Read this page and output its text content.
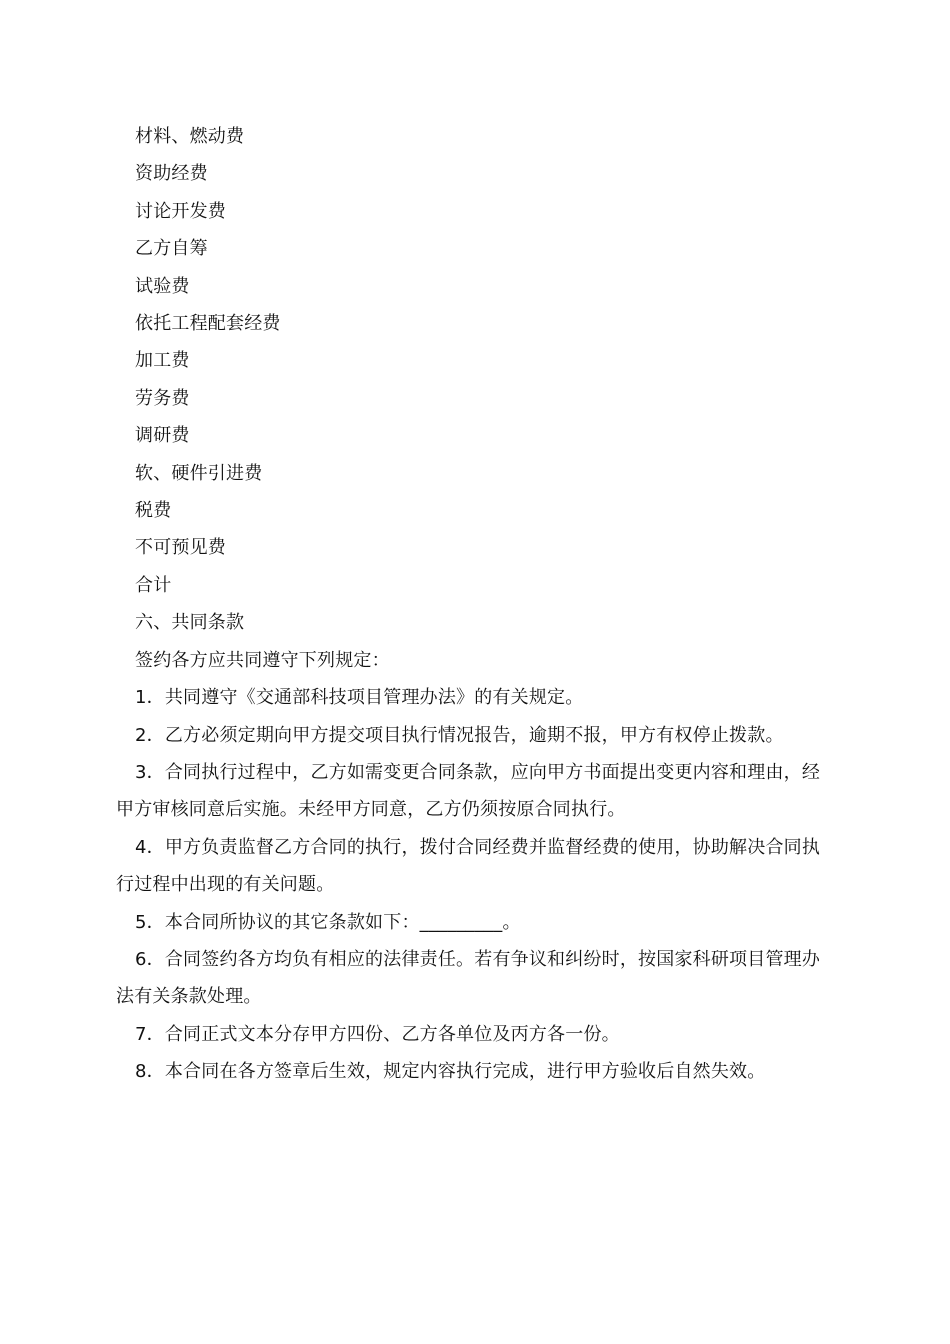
材料、燃动费
资助经费
讨论开发费
乙方自筹
试验费
依托工程配套经费
加工费
劳务费
调研费
软、硬件引进费
税费
不可预见费
合计
六、共同条款
签约各方应共同遵守下列规定：

1．共同遵守《交通部科技项目管理办法》的有关规定。

2．乙方必须定期向甲方提交项目执行情况报告，逾期不报，甲方有权停止拨款。

3．合同执行过程中，乙方如需变更合同条款，应向甲方书面提出变更内容和理由，经甲方审核同意后实施。未经甲方同意，乙方仍须按原合同执行。

4．甲方负责监督乙方合同的执行，拨付合同经费并监督经费的使用，协助解决合同执行过程中出现的有关问题。

5．本合同所协议的其它条款如下：_________。

6．合同签约各方均负有相应的法律责任。若有争议和纠纷时，按国家科研项目管理办法有关条款处理。

7．合同正式文本分存甲方四份、乙方各单位及丙方各一份。

8．本合同在各方签章后生效，规定内容执行完成，进行甲方验收后自然失效。
